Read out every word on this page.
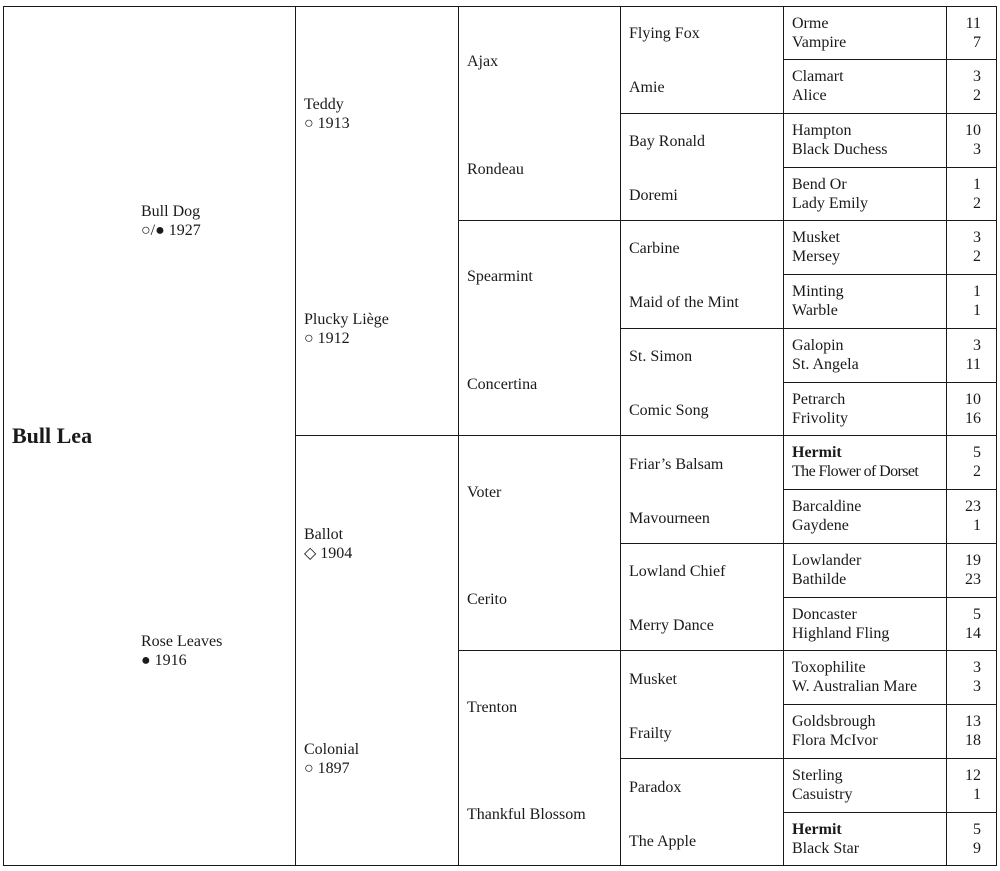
Bull Lea
Bull Dog
○/● 1927
Rose Leaves
● 1916
Teddy
○ 1913
Plucky Liège
○ 1912
Ballot
◇ 1904
Colonial
○ 1897
Ajax
Rondeau
Spearmint
Concertina
Voter
Cerito
Trenton
Thankful Blossom
Flying Fox
Amie
Bay Ronald
Doremi
Carbine
Maid of the Mint
St. Simon
Comic Song
Friar’s Balsam
Mavourneen
Lowland Chief
Merry Dance
Musket
Frailty
Paradox
The Apple
Orme
Vampire
11
7
Clamart
Alice
3
2
Hampton
Black Duchess
10
3
Bend Or
Lady Emily
1
2
Musket
Mersey
3
2
Minting
Warble
1
1
Galopin
St. Angela
3
11
Petrarch
Frivolity
10
16
Hermit
The Flower of Dorset
5
2
Barcaldine
Gaydene
23
1
Lowlander
Bathilde
19
23
Doncaster
Highland Fling
5
14
Toxophilite
W. Australian Mare
3
3
Goldsbrough
Flora McIvor
13
18
Sterling
Casuistry
12
1
Hermit
Black Star
5
9
